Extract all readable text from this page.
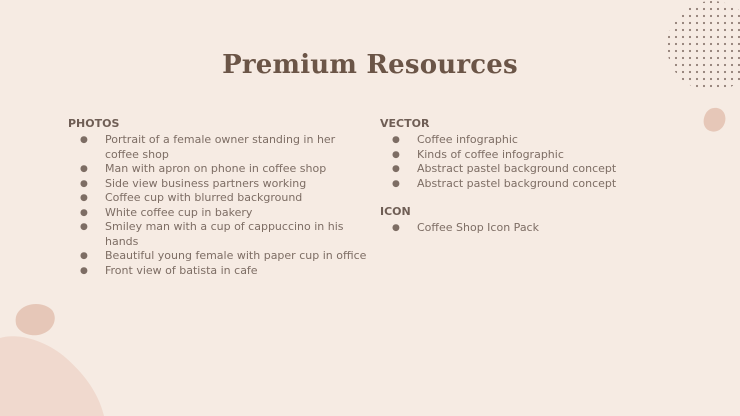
Premium Resources
PHOTOS
● Portrait of a female owner standing in her coffee shop
● Man with apron on phone in coffee shop
● Side view business partners working
● Coffee cup with blurred background
● White coffee cup in bakery
● Smiley man with a cup of cappuccino in his hands
● Beautiful young female with paper cup in office
● Front view of batista in cafe
VECTOR
● Coffee infographic
● Kinds of coffee infographic
● Abstract pastel background concept
● Abstract pastel background concept
ICON
● Coffee Shop Icon Pack
